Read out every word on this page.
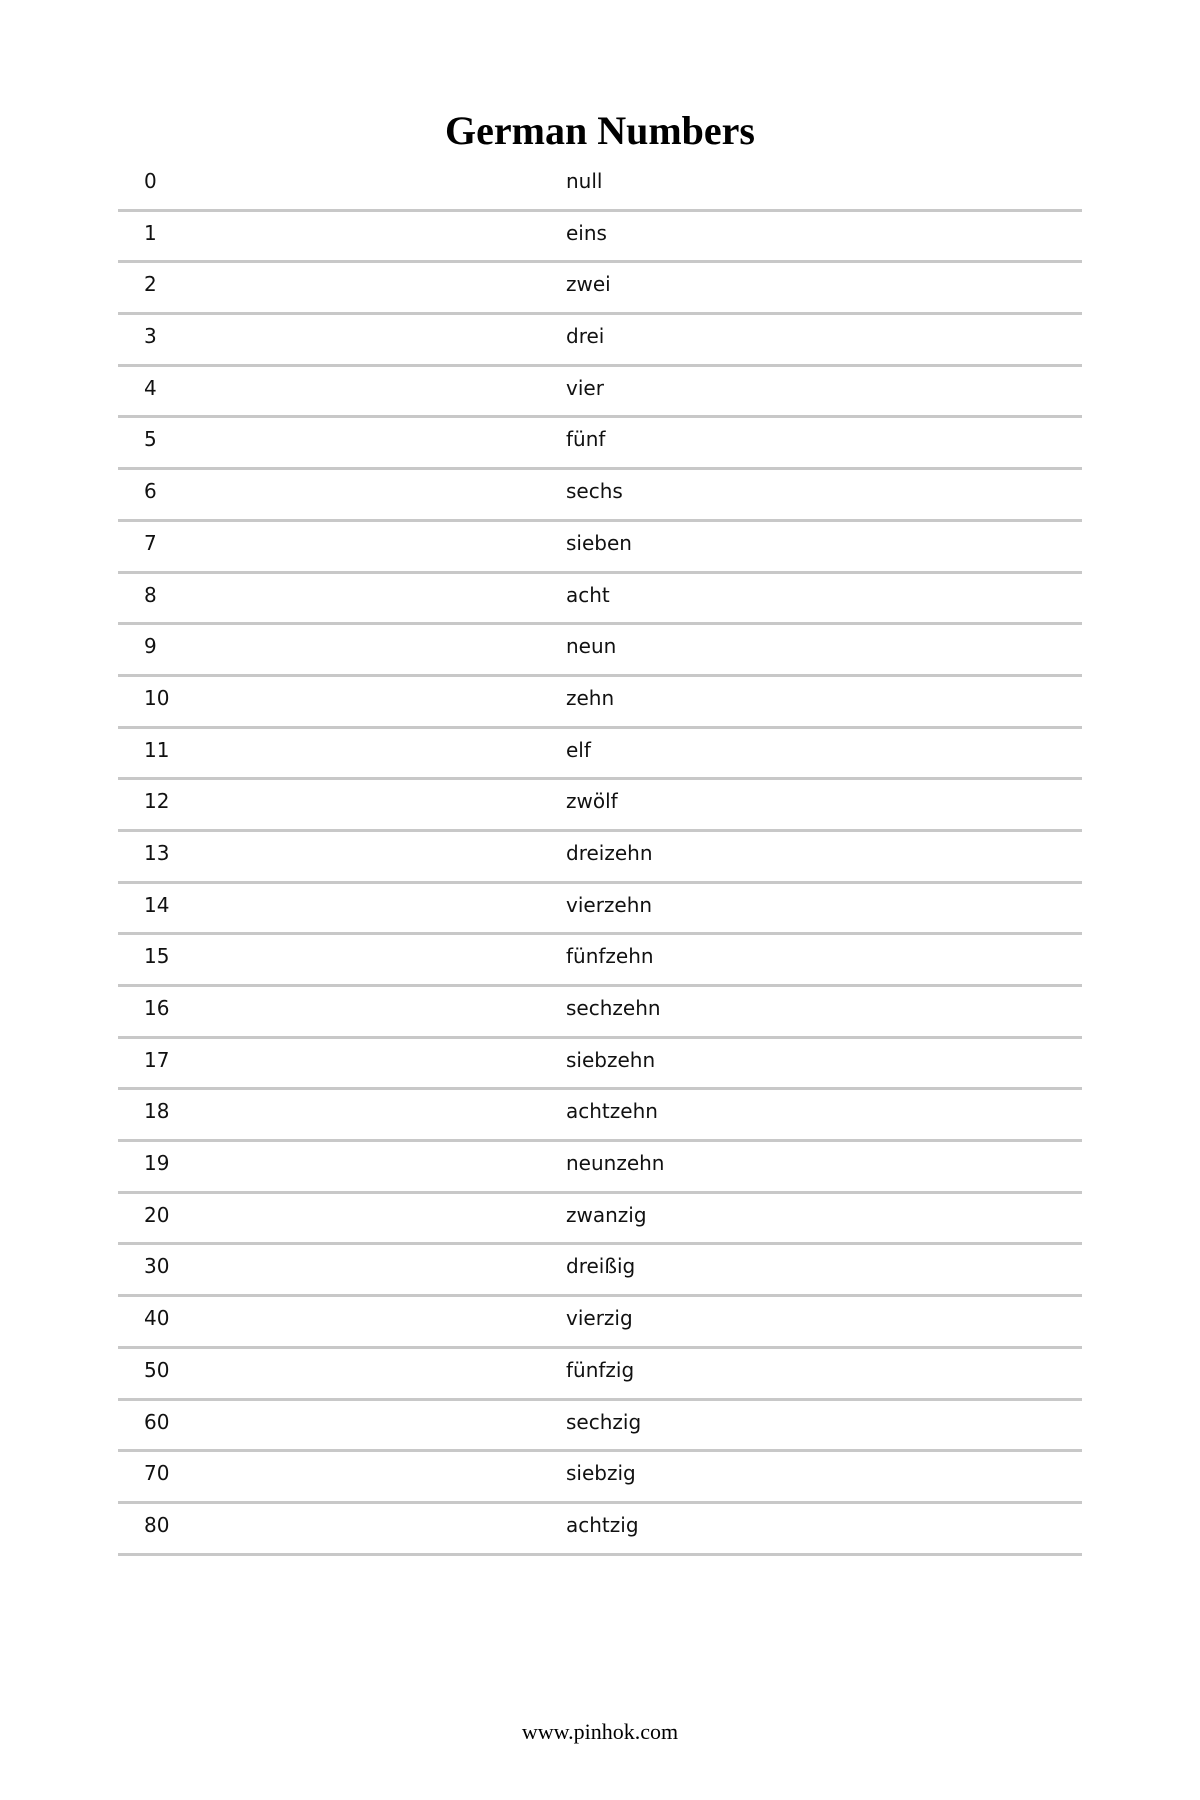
German Numbers
0	null
1	eins
2	zwei
3	drei
4	vier
5	fünf
6	sechs
7	sieben
8	acht
9	neun
10	zehn
11	elf
12	zwölf
13	dreizehn
14	vierzehn
15	fünfzehn
16	sechzehn
17	siebzehn
18	achtzehn
19	neunzehn
20	zwanzig
30	dreißig
40	vierzig
50	fünfzig
60	sechzig
70	siebzig
80	achtzig
www.pinhok.com
